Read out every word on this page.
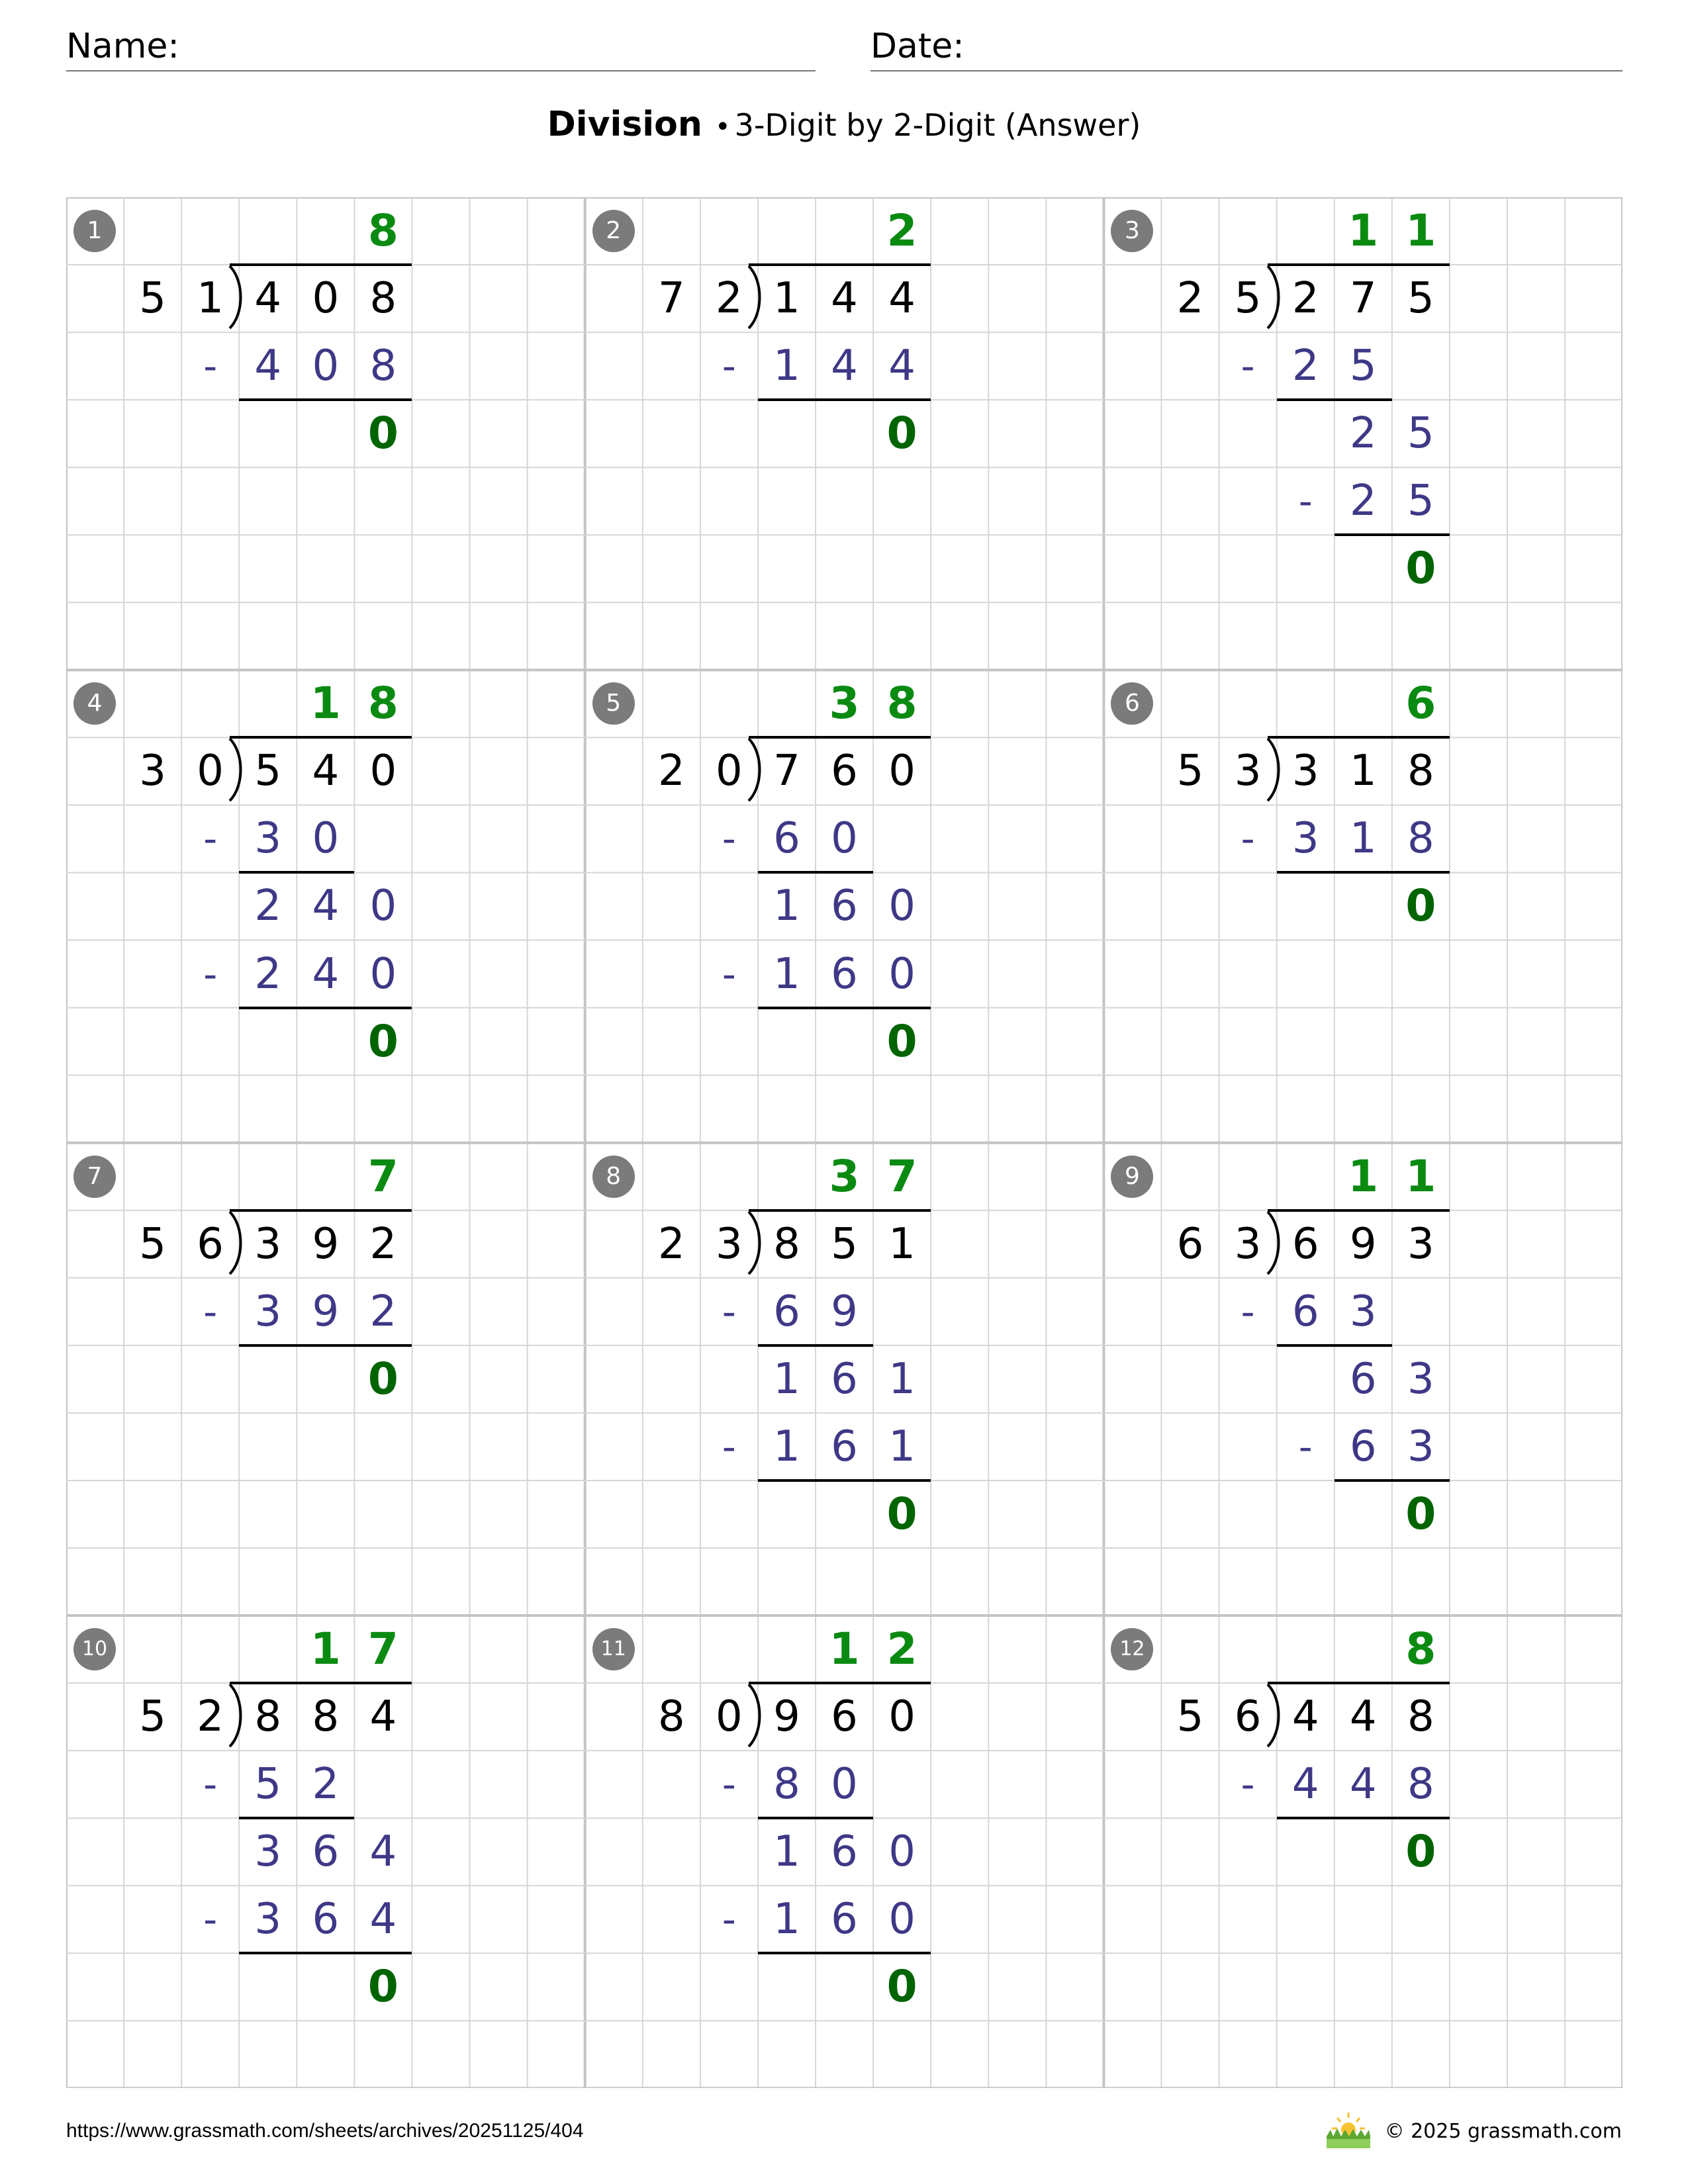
Name:	Date:
Division • 3-Digit by 2-Digit (Answer)
1
5 1 4 0 8
8
- 4 0 8
0
2
7 2 1 4 4
2
- 1 4 4
0
3
2 5 2 7 5
1 1
- 2 5
2 5
- 2 5
0
4
3 0 5 4 0
1 8
- 3 0
2 4 0
- 2 4 0
0
5
2 0 7 6 0
3 8
- 6 0
1 6 0
- 1 6 0
0
6
5 3 3 1 8
6
- 3 1 8
0
7
5 6 3 9 2
7
- 3 9 2
0
8
2 3 8 5 1
3 7
- 6 9
1 6 1
- 1 6 1
0
9
6 3 6 9 3
1 1
- 6 3
6 3
- 6 3
0
10
5 2 8 8 4
1 7
- 5 2
3 6 4
- 3 6 4
0
11
8 0 9 6 0
1 2
- 8 0
1 6 0
- 1 6 0
0
12
5 6 4 4 8
8
- 4 4 8
0
https://www.grassmath.com/sheets/archives/20251125/404	© 2025 grassmath.com
